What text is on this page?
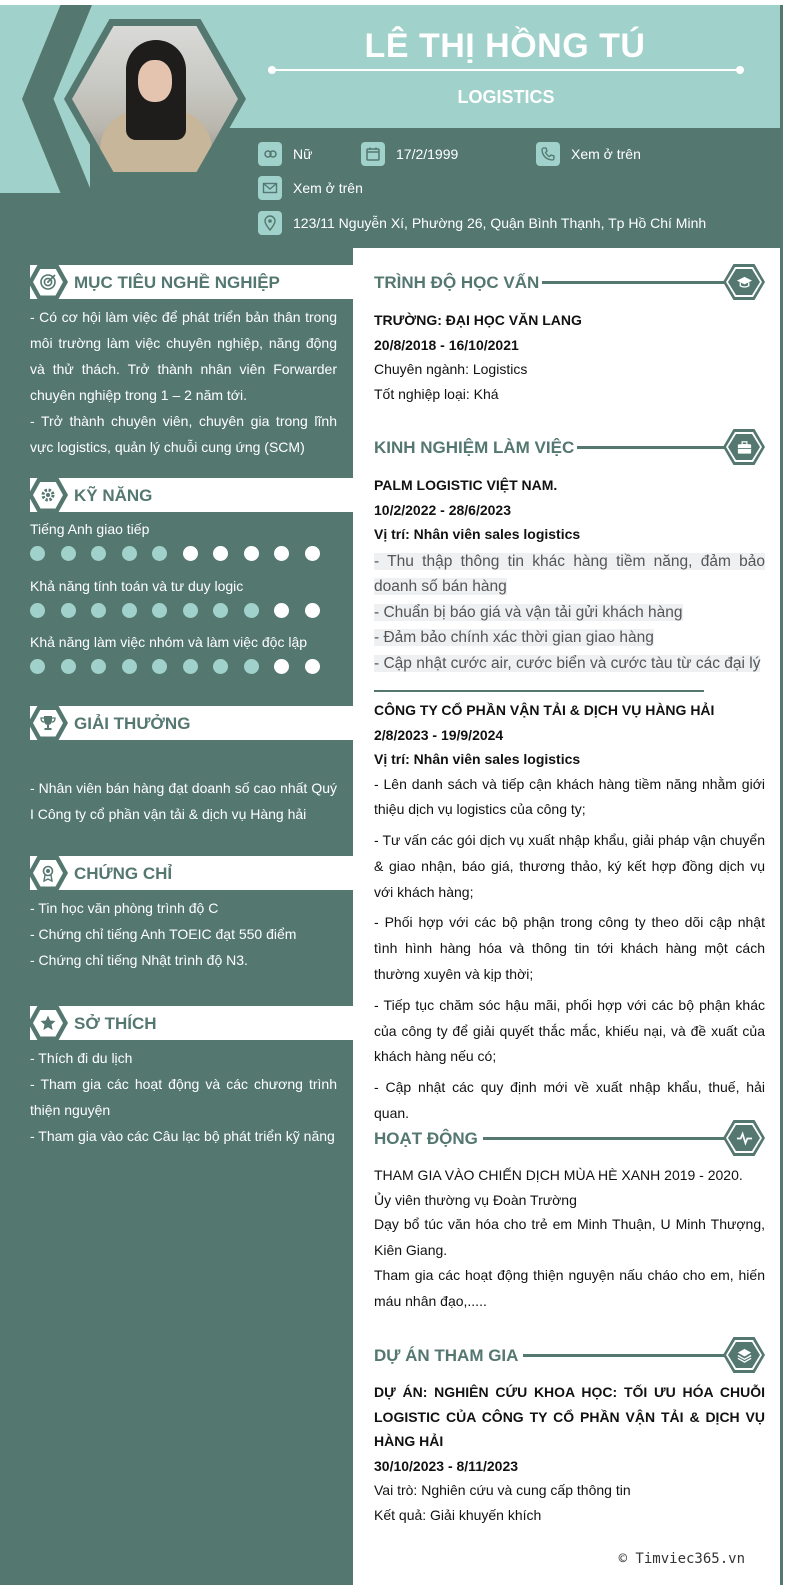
LÊ THỊ HỒNG TÚ
LOGISTICS
Nữ	17/2/1999	Xem ở trên
Xem ở trên
123/11 Nguyễn Xí, Phường 26, Quận Bình Thạnh, Tp Hồ Chí Minh
MỤC TIÊU NGHỀ NGHIỆP

- Có cơ hội làm việc để phát triển bản thân trong môi trường làm việc chuyên nghiệp, năng động và thử thách. Trở thành nhân viên Forwarder chuyên nghiệp trong 1 – 2 năm tới.

- Trở thành chuyên viên, chuyên gia trong lĩnh vực logistics, quản lý chuỗi cung ứng (SCM)

KỸ NĂNG
Tiếng Anh giao tiếp
Khả năng tính toán và tư duy logic
Khả năng làm việc nhóm và làm việc độc lập
GIẢI THƯỞNG
- Nhân viên bán hàng đạt doanh số cao nhất Quý I Công ty cổ phần vận tải & dịch vụ Hàng hải
CHỨNG CHỈ

- Tin học văn phòng trình độ C

- Chứng chỉ tiếng Anh TOEIC đạt 550 điểm

- Chứng chỉ tiếng Nhật trình độ N3.

SỞ THÍCH

- Thích đi du lịch

- Tham gia các hoạt động và các chương trình thiện nguyện

- Tham gia vào các Câu lạc bộ phát triển kỹ năng

TRÌNH ĐỘ HỌC VẤN

TRƯỜNG: ĐẠI HỌC VĂN LANG

20/8/2018 - 16/10/2021

Chuyên ngành: Logistics

Tốt nghiệp loại: Khá

KINH NGHIỆM LÀM VIỆC

PALM LOGISTIC VIỆT NAM.

10/2/2022 - 28/6/2023

Vị trí: Nhân viên sales logistics

- Thu thập thông tin khác hàng tiềm năng, đảm bảo doanh số bán hàng

- Chuẩn bị báo giá và vận tải gửi khách hàng

- Đảm bảo chính xác thời gian giao hàng

- Cập nhật cước air, cước biển và cước tàu từ các đại lý

CÔNG TY CỔ PHẦN VẬN TẢI & DỊCH VỤ HÀNG HẢI

2/8/2023 - 19/9/2024

Vị trí: Nhân viên sales logistics

- Lên danh sách và tiếp cận khách hàng tiềm năng nhằm giới thiệu dịch vụ logistics của công ty;

- Tư vấn các gói dịch vụ xuất nhập khẩu, giải pháp vận chuyển & giao nhận, báo giá, thương thảo, ký kết hợp đồng dịch vụ với khách hàng;

- Phối hợp với các bộ phận trong công ty theo dõi cập nhật tình hình hàng hóa và thông tin tới khách hàng một cách thường xuyên và kịp thời;

- Tiếp tục chăm sóc hậu mãi, phối hợp với các bộ phận khác của công ty để giải quyết thắc mắc, khiếu nại, và đề xuất của khách hàng nếu có;

- Cập nhật các quy định mới về xuất nhập khẩu, thuế, hải quan.

HOẠT ĐỘNG

THAM GIA VÀO CHIẾN DỊCH MÙA HÈ XANH 2019 - 2020.

Ủy viên thường vụ Đoàn Trường

Dạy bổ túc văn hóa cho trẻ em Minh Thuận, U Minh Thượng, Kiên Giang.

Tham gia các hoạt động thiện nguyện nấu cháo cho em, hiến máu nhân đạo,.....

DỰ ÁN THAM GIA

DỰ ÁN: NGHIÊN CỨU KHOA HỌC: TỐI ƯU HÓA CHUỖI LOGISTIC CỦA CÔNG TY CỔ PHẦN VẬN TẢI & DỊCH VỤ HÀNG HẢI

30/10/2023 - 8/11/2023

Vai trò: Nghiên cứu và cung cấp thông tin

Kết quả: Giải khuyến khích

© Timviec365.vn
